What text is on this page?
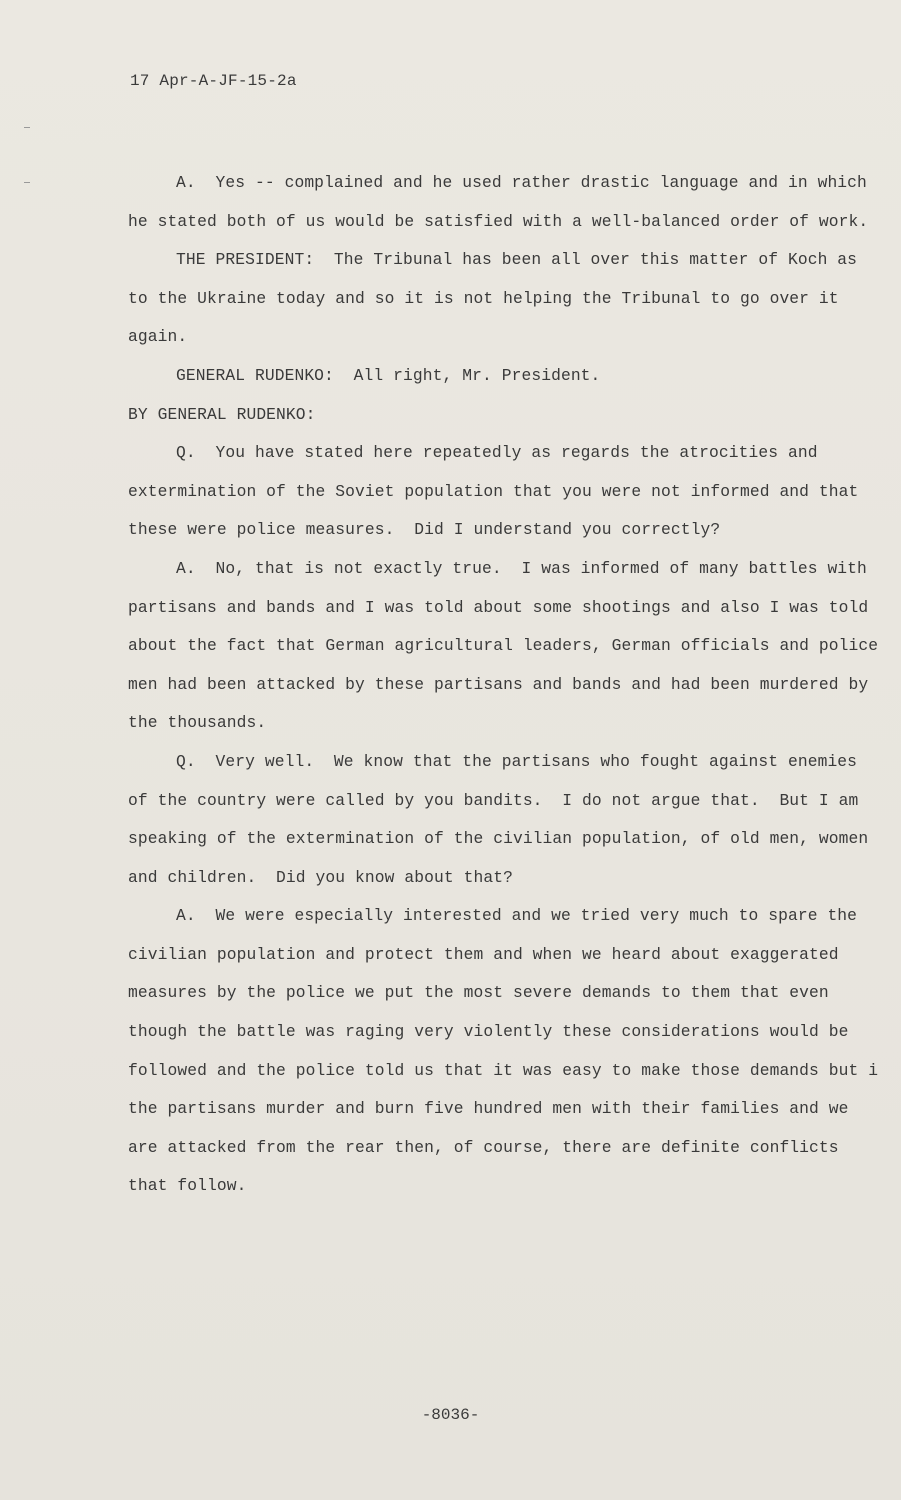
17 Apr-A-JF-15-2a
A.  Yes -- complained and he used rather drastic language and in which
he stated both of us would be satisfied with a well-balanced order of work.
THE PRESIDENT:  The Tribunal has been all over this matter of Koch as
to the Ukraine today and so it is not helping the Tribunal to go over it
again.
GENERAL RUDENKO:  All right, Mr. President.
BY GENERAL RUDENKO:
Q.  You have stated here repeatedly as regards the atrocities and
extermination of the Soviet population that you were not informed and that
these were police measures.  Did I understand you correctly?
A.  No, that is not exactly true.  I was informed of many battles with
partisans and bands and I was told about some shootings and also I was told
about the fact that German agricultural leaders, German officials and police
men had been attacked by these partisans and bands and had been murdered by
the thousands.
Q.  Very well.  We know that the partisans who fought against enemies
of the country were called by you bandits.  I do not argue that.  But I am
speaking of the extermination of the civilian population, of old men, women
and children.  Did you know about that?
A.  We were especially interested and we tried very much to spare the
civilian population and protect them and when we heard about exaggerated
measures by the police we put the most severe demands to them that even
though the battle was raging very violently these considerations would be
followed and the police told us that it was easy to make those demands but i
the partisans murder and burn five hundred men with their families and we
are attacked from the rear then, of course, there are definite conflicts
that follow.
-8036-
